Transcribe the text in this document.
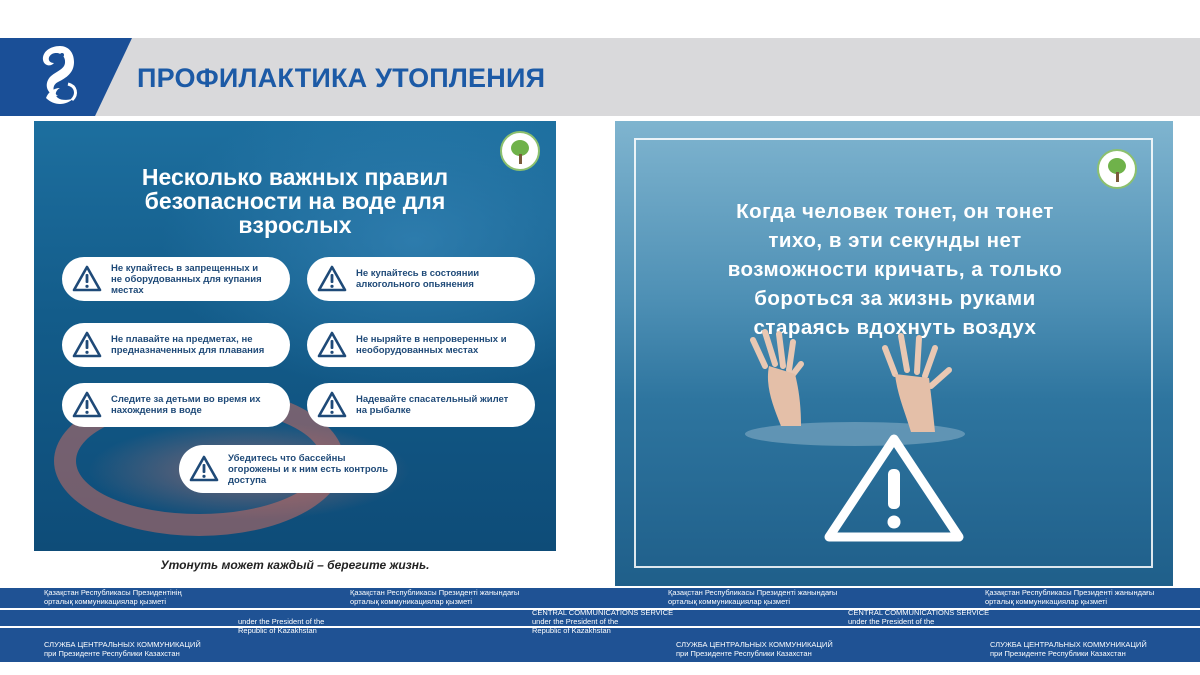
ПРОФИЛАКТИКА УТОПЛЕНИЯ
Несколько важных правил
безопасности на воде для
взрослых
Не купайтесь в запрещенных и
не оборудованных для купания
местах
Не купайтесь в состоянии
алкогольного опьянения
Не плавайте на предметах, не
предназначенных для плавания
Не ныряйте в непроверенных и
необорудованных местах
Следите за детьми во время их
нахождения в воде
Надевайте спасательный жилет
на рыбалке
Убедитесь что бассейны
огорожены и к ним есть контроль
доступа
Утонуть может каждый – берегите жизнь.
Когда человек тонет, он тонет
тихо, в эти секунды нет
возможности кричать, а только
бороться за жизнь руками
стараясь вдохнуть воздух
Қазақстан Республикасы Президентінің
орталық коммуникациялар қызметі
Қазақстан Республикасы Президенті жанындағы
орталық коммуникациялар қызметі
Қазақстан Республикасы Президенті жанындағы
орталық коммуникациялар қызметі
Қазақстан Республикасы Президенті жанындағы
орталық коммуникациялар қызметі
under the President of the
Republic of Kazakhstan
CENTRAL COMMUNICATIONS SERVICE
under the President of the
Republic of Kazakhstan
CENTRAL COMMUNICATIONS SERVICE
under the President of the
СЛУЖБА ЦЕНТРАЛЬНЫХ КОММУНИКАЦИЙ
при Президенте Республики Казахстан
СЛУЖБА ЦЕНТРАЛЬНЫХ КОММУНИКАЦИЙ
при Президенте Республики Казахстан
СЛУЖБА ЦЕНТРАЛЬНЫХ КОММУНИКАЦИЙ
при Президенте Республики Казахстан
